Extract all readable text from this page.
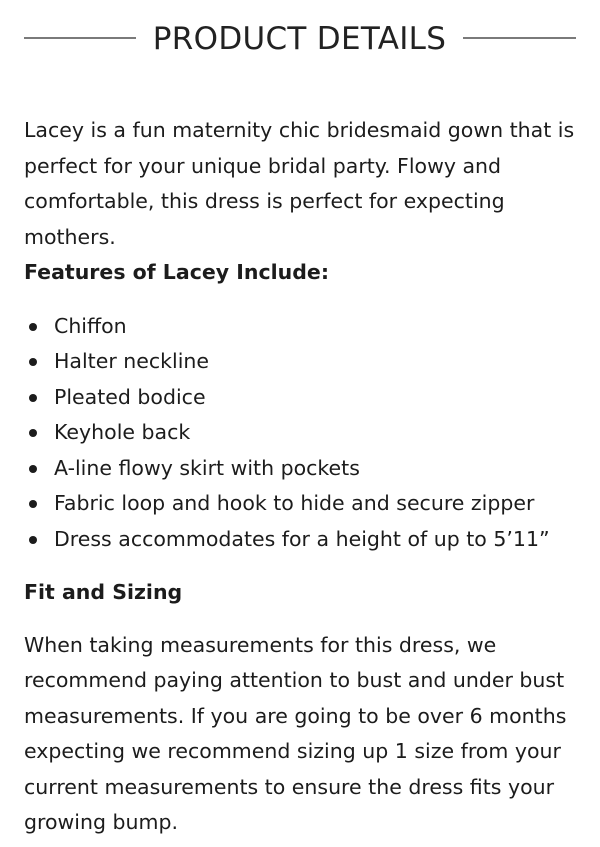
PRODUCT DETAILS

Lacey is a fun maternity chic bridesmaid gown that is perfect for your unique bridal party. Flowy and comfortable, this dress is perfect for expecting mothers.

Features of Lacey Include:

Chiffon
Halter neckline
Pleated bodice
Keyhole back
A-line flowy skirt with pockets
Fabric loop and hook to hide and secure zipper
Dress accommodates for a height of up to 5’11”

Fit and Sizing

When taking measurements for this dress, we recommend paying attention to bust and under bust measurements. If you are going to be over 6 months expecting we recommend sizing up 1 size from your current measurements to ensure the dress fits your growing bump.
